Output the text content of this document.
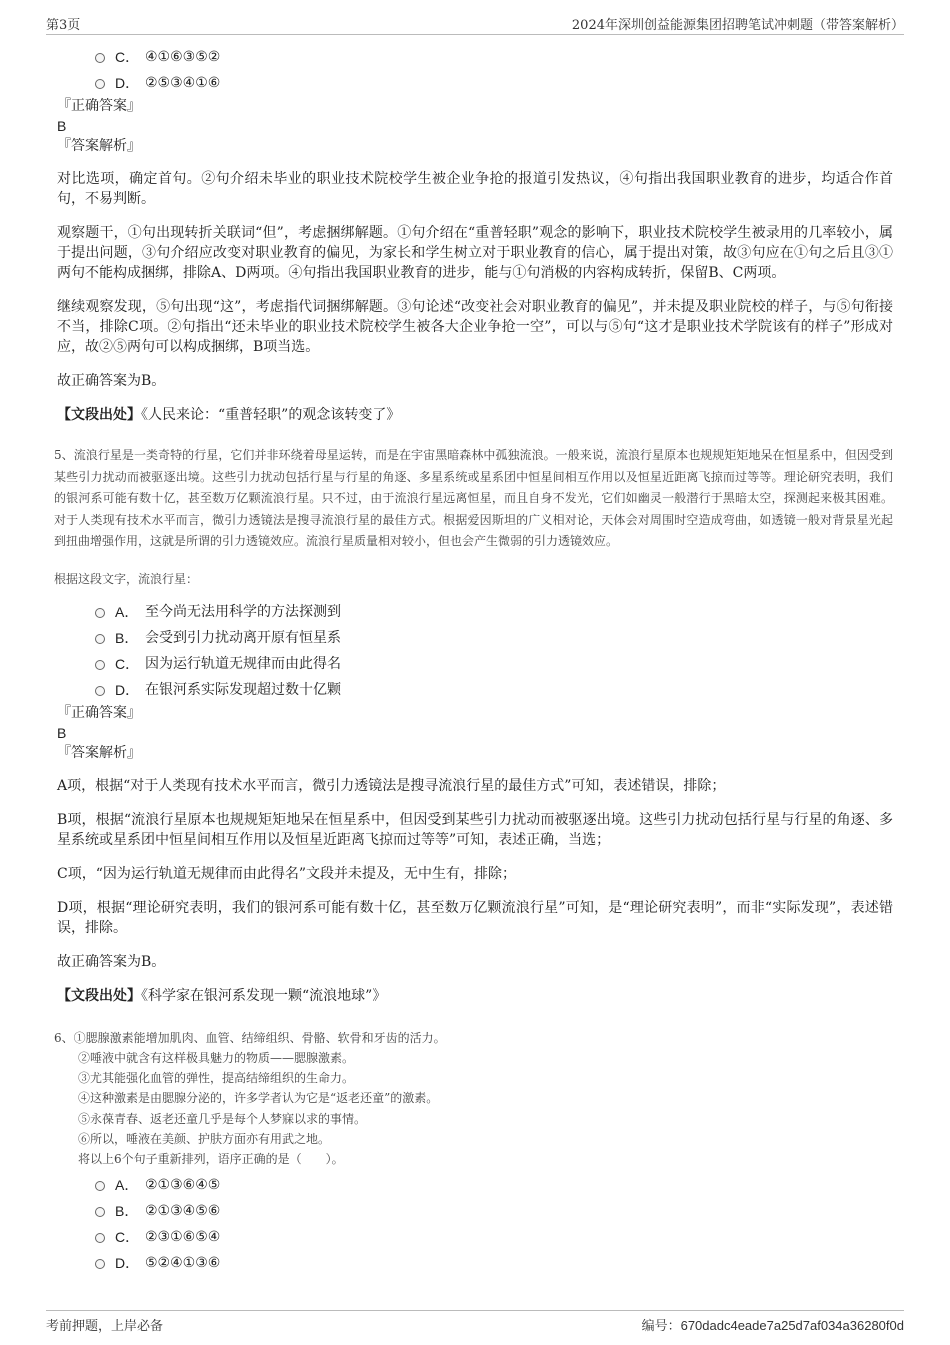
第3页	2024年深圳创益能源集团招聘笔试冲刺题（带答案解析）
C． ④①⑥③⑤②
D． ②⑤③④①⑥

『正确答案』

B

『答案解析』

对比选项，确定首句。②句介绍未毕业的职业技术院校学生被企业争抢的报道引发热议，④句指出我国职业教育的进步，均适合作首句，不易判断。

观察题干，①句出现转折关联词“但”，考虑捆绑解题。①句介绍在“重普轻职”观念的影响下，职业技术院校学生被录用的几率较小，属于提出问题，③句介绍应改变对职业教育的偏见，为家长和学生树立对于职业教育的信心，属于提出对策，故③句应在①句之后且③①两句不能构成捆绑，排除A、D两项。④句指出我国职业教育的进步，能与①句消极的内容构成转折，保留B、C两项。

继续观察发现，⑤句出现“这”，考虑指代词捆绑解题。③句论述“改变社会对职业教育的偏见”，并未提及职业院校的样子，与⑤句衔接不当，排除C项。②句指出“还未毕业的职业技术院校学生被各大企业争抢一空”，可以与⑤句“这才是职业技术学院该有的样子”形成对应，故②⑤两句可以构成捆绑，B项当选。

故正确答案为B。

【文段出处】《人民来论：“重普轻职”的观念该转变了》

5、流浪行星是一类奇特的行星，它们并非环绕着母星运转，而是在宇宙黑暗森林中孤独流浪。一般来说，流浪行星原本也规规矩矩地呆在恒星系中，但因受到某些引力扰动而被驱逐出境。这些引力扰动包括行星与行星的角逐、多星系统或星系团中恒星间相互作用以及恒星近距离飞掠而过等等。理论研究表明，我们的银河系可能有数十亿，甚至数万亿颗流浪行星。只不过，由于流浪行星远离恒星，而且自身不发光，它们如幽灵一般潜行于黑暗太空，探测起来极其困难。对于人类现有技术水平而言，微引力透镜法是搜寻流浪行星的最佳方式。根据爱因斯坦的广义相对论，天体会对周围时空造成弯曲，如透镜一般对背景星光起到扭曲增强作用，这就是所谓的引力透镜效应。流浪行星质量相对较小，但也会产生微弱的引力透镜效应。

根据这段文字，流浪行星：

A． 至今尚无法用科学的方法探测到
B． 会受到引力扰动离开原有恒星系
C． 因为运行轨道无规律而由此得名
D． 在银河系实际发现超过数十亿颗

『正确答案』

B

『答案解析』

A项，根据“对于人类现有技术水平而言，微引力透镜法是搜寻流浪行星的最佳方式”可知，表述错误，排除；

B项，根据“流浪行星原本也规规矩矩地呆在恒星系中，但因受到某些引力扰动而被驱逐出境。这些引力扰动包括行星与行星的角逐、多星系统或星系团中恒星间相互作用以及恒星近距离飞掠而过等等”可知，表述正确，当选；

C项，“因为运行轨道无规律而由此得名”文段并未提及，无中生有，排除；

D项，根据“理论研究表明，我们的银河系可能有数十亿，甚至数万亿颗流浪行星”可知，是“理论研究表明”，而非“实际发现”，表述错误，排除。

故正确答案为B。

【文段出处】《科学家在银河系发现一颗“流浪地球”》

6、①腮腺激素能增加肌肉、血管、结缔组织、骨骼、软骨和牙齿的活力。
②唾液中就含有这样极具魅力的物质——腮腺激素。
③尤其能强化血管的弹性，提高结缔组织的生命力。
④这种激素是由腮腺分泌的，许多学者认为它是“返老还童”的激素。
⑤永葆青春、返老还童几乎是每个人梦寐以求的事情。
⑥所以，唾液在美颜、护肤方面亦有用武之地。
将以上6个句子重新排列，语序正确的是（　　）。
A． ②①③⑥④⑤
B． ②①③④⑤⑥
C． ②③①⑥⑤④
D． ⑤②④①③⑥
考前押题，上岸必备	编号：670dadc4eade7a25d7af034a36280f0d
